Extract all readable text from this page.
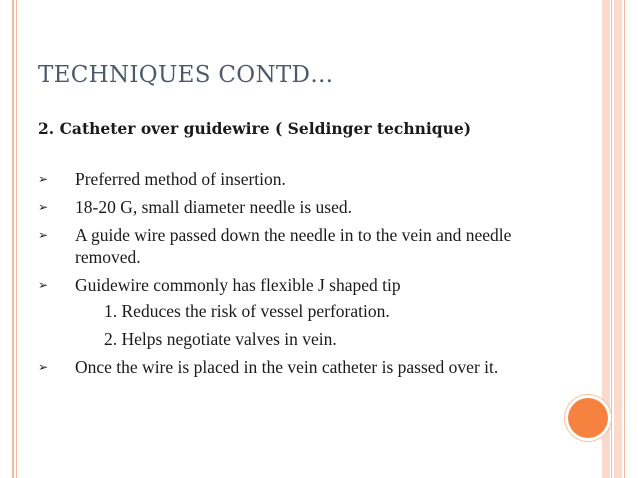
TECHNIQUES CONTD…
2. Catheter over guidewire ( Seldinger technique)
➢ Preferred method of insertion.
➢ 18-20 G, small diameter needle is used.
➢ A guide wire passed down the needle in to the vein and needle removed.
➢ Guidewire commonly has flexible J shaped tip
1. Reduces the risk of vessel perforation.
2. Helps negotiate valves in vein.
➢ Once the wire is placed in the vein catheter is passed over it.
